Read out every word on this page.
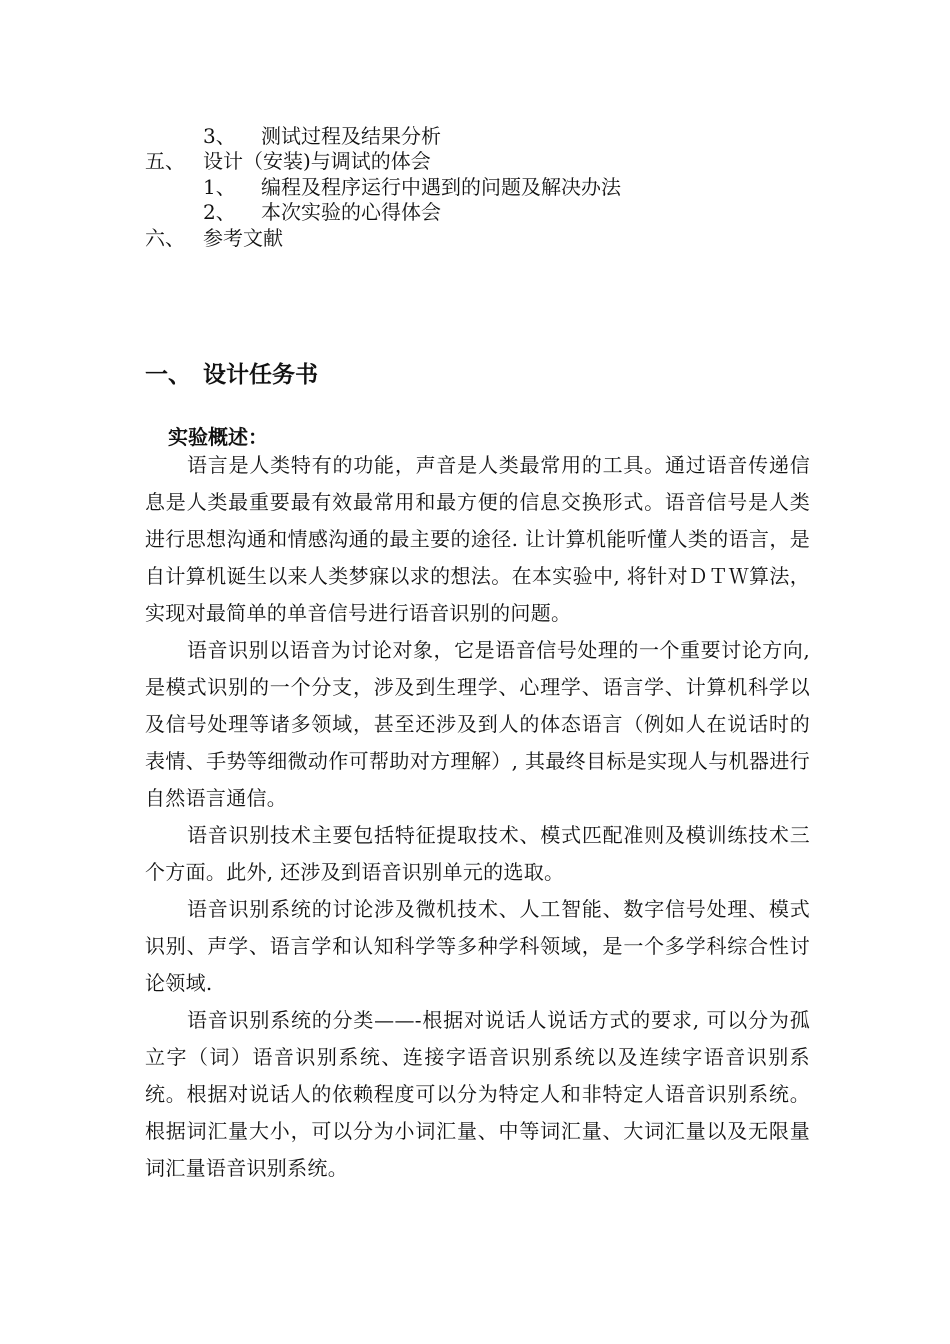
3、 测试过程及结果分析
五、 设计（安装)与调试的体会
1、 编程及程序运行中遇到的问题及解决办法
2、 本次实验的心得体会
六、 参考文献
一、 设计任务书
实验概述：

语言是人类特有的功能，声音是人类最常用的工具。通过语音传递信息是人类最重要最有效最常用和最方便的信息交换形式。语音信号是人类进行思想沟通和情感沟通的最主要的途径. 让计算机能听懂人类的语言，是自计算机诞生以来人类梦寐以求的想法。在本实验中, 将针对ＤＴＷ算法，实现对最简单的单音信号进行语音识别的问题。

语音识别以语音为讨论对象，它是语音信号处理的一个重要讨论方向, 是模式识别的一个分支，涉及到生理学、心理学、语言学、计算机科学以及信号处理等诸多领域，甚至还涉及到人的体态语言（例如人在说话时的表情、手势等细微动作可帮助对方理解）, 其最终目标是实现人与机器进行自然语言通信。

语音识别技术主要包括特征提取技术、模式匹配准则及模训练技术三个方面。此外, 还涉及到语音识别单元的选取。

语音识别系统的讨论涉及微机技术、人工智能、数字信号处理、模式识别、声学、语言学和认知科学等多种学科领域，是一个多学科综合性讨论领域.

语音识别系统的分类——-根据对说话人说话方式的要求, 可以分为孤立字（词）语音识别系统、连接字语音识别系统以及连续字语音识别系统。根据对说话人的依赖程度可以分为特定人和非特定人语音识别系统。根据词汇量大小，可以分为小词汇量、中等词汇量、大词汇量以及无限量词汇量语音识别系统。
